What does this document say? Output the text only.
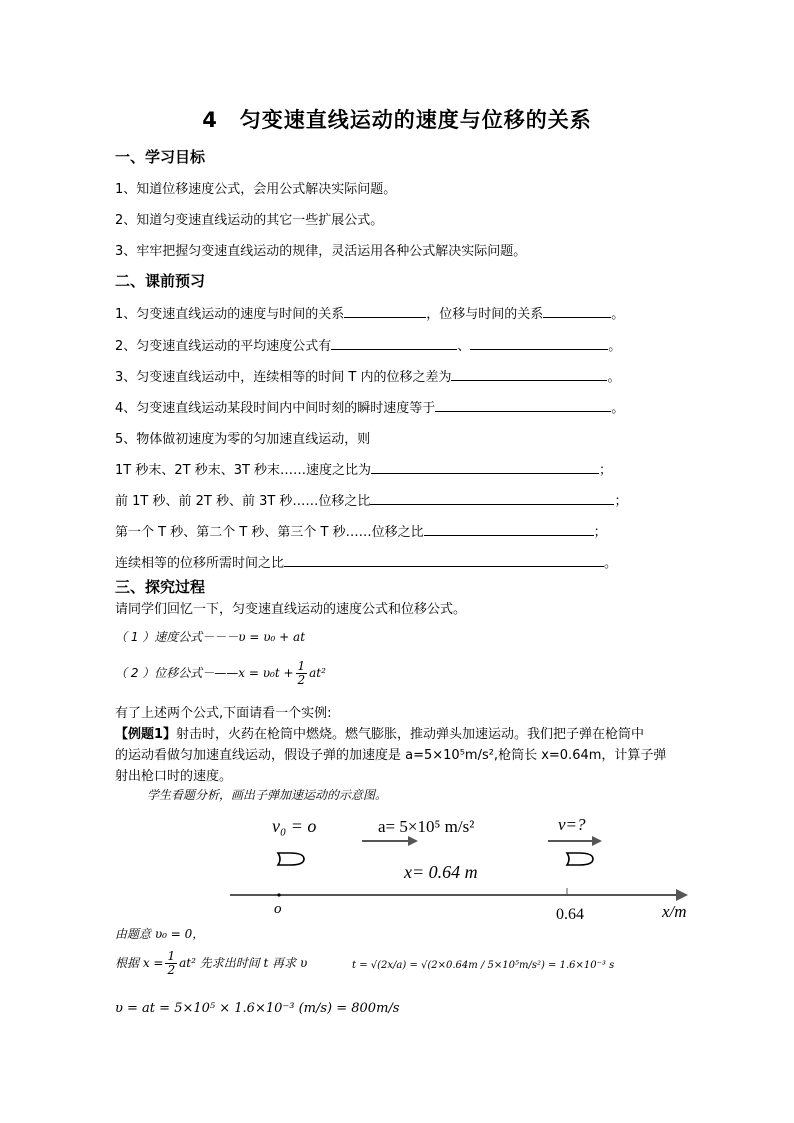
4　匀变速直线运动的速度与位移的关系
一、学习目标
1、知道位移速度公式，会用公式解决实际问题。
2、知道匀变速直线运动的其它一些扩展公式。
3、牢牢把握匀变速直线运动的规律，灵活运用各种公式解决实际问题。
二、课前预习
1、匀变速直线运动的速度与时间的关系	，位移与时间的关系	。
2、匀变速直线运动的平均速度公式有	、	。
3、匀变速直线运动中，连续相等的时间 T 内的位移之差为	。
4、匀变速直线运动某段时间内中间时刻的瞬时速度等于	。
5、物体做初速度为零的匀加速直线运动，则
1T 秒末、2T 秒末、3T 秒末……速度之比为	；
前 1T 秒、前 2T 秒、前 3T 秒……位移之比	；
第一个 T 秒、第二个 T 秒、第三个 T 秒……位移之比	；
连续相等的位移所需时间之比	。
三、探究过程
请同学们回忆一下，匀变速直线运动的速度公式和位移公式。
（ 1 ）速度公式－－－υ = υ₀ + at
（ 2 ）位移公式－——x = $\upsilon_0t + \frac{1}{2} at^2$
有了上述两个公式,下面请看一个实例:
【例题1】射击时，火药在枪筒中燃烧。燃气膨胀，推动弹头加速运动。我们把子弹在枪筒中
的运动看做匀加速直线运动，假设子弹的加速度是 a=5×10⁵m/s²,枪筒长 x=0.64m，计算子弹
射出枪口时的速度。
学生看题分析，画出子弹加速运动的示意图。
v₀ = o	a= 5×10⁵ m/s²	v=?
x= 0.64 m
o	0.64	x/m
由题意 υ₀ = 0，
根据 $x = \frac{1}{2} at^2$ 先求出时间 t 再求 υ	t = √(2x/a) = √(2×0.64m / 5×10⁵m/s²) = 1.6×10⁻³ s
υ = at = 5×10⁵ × 1.6×10⁻³ (m/s) = 800m/s
